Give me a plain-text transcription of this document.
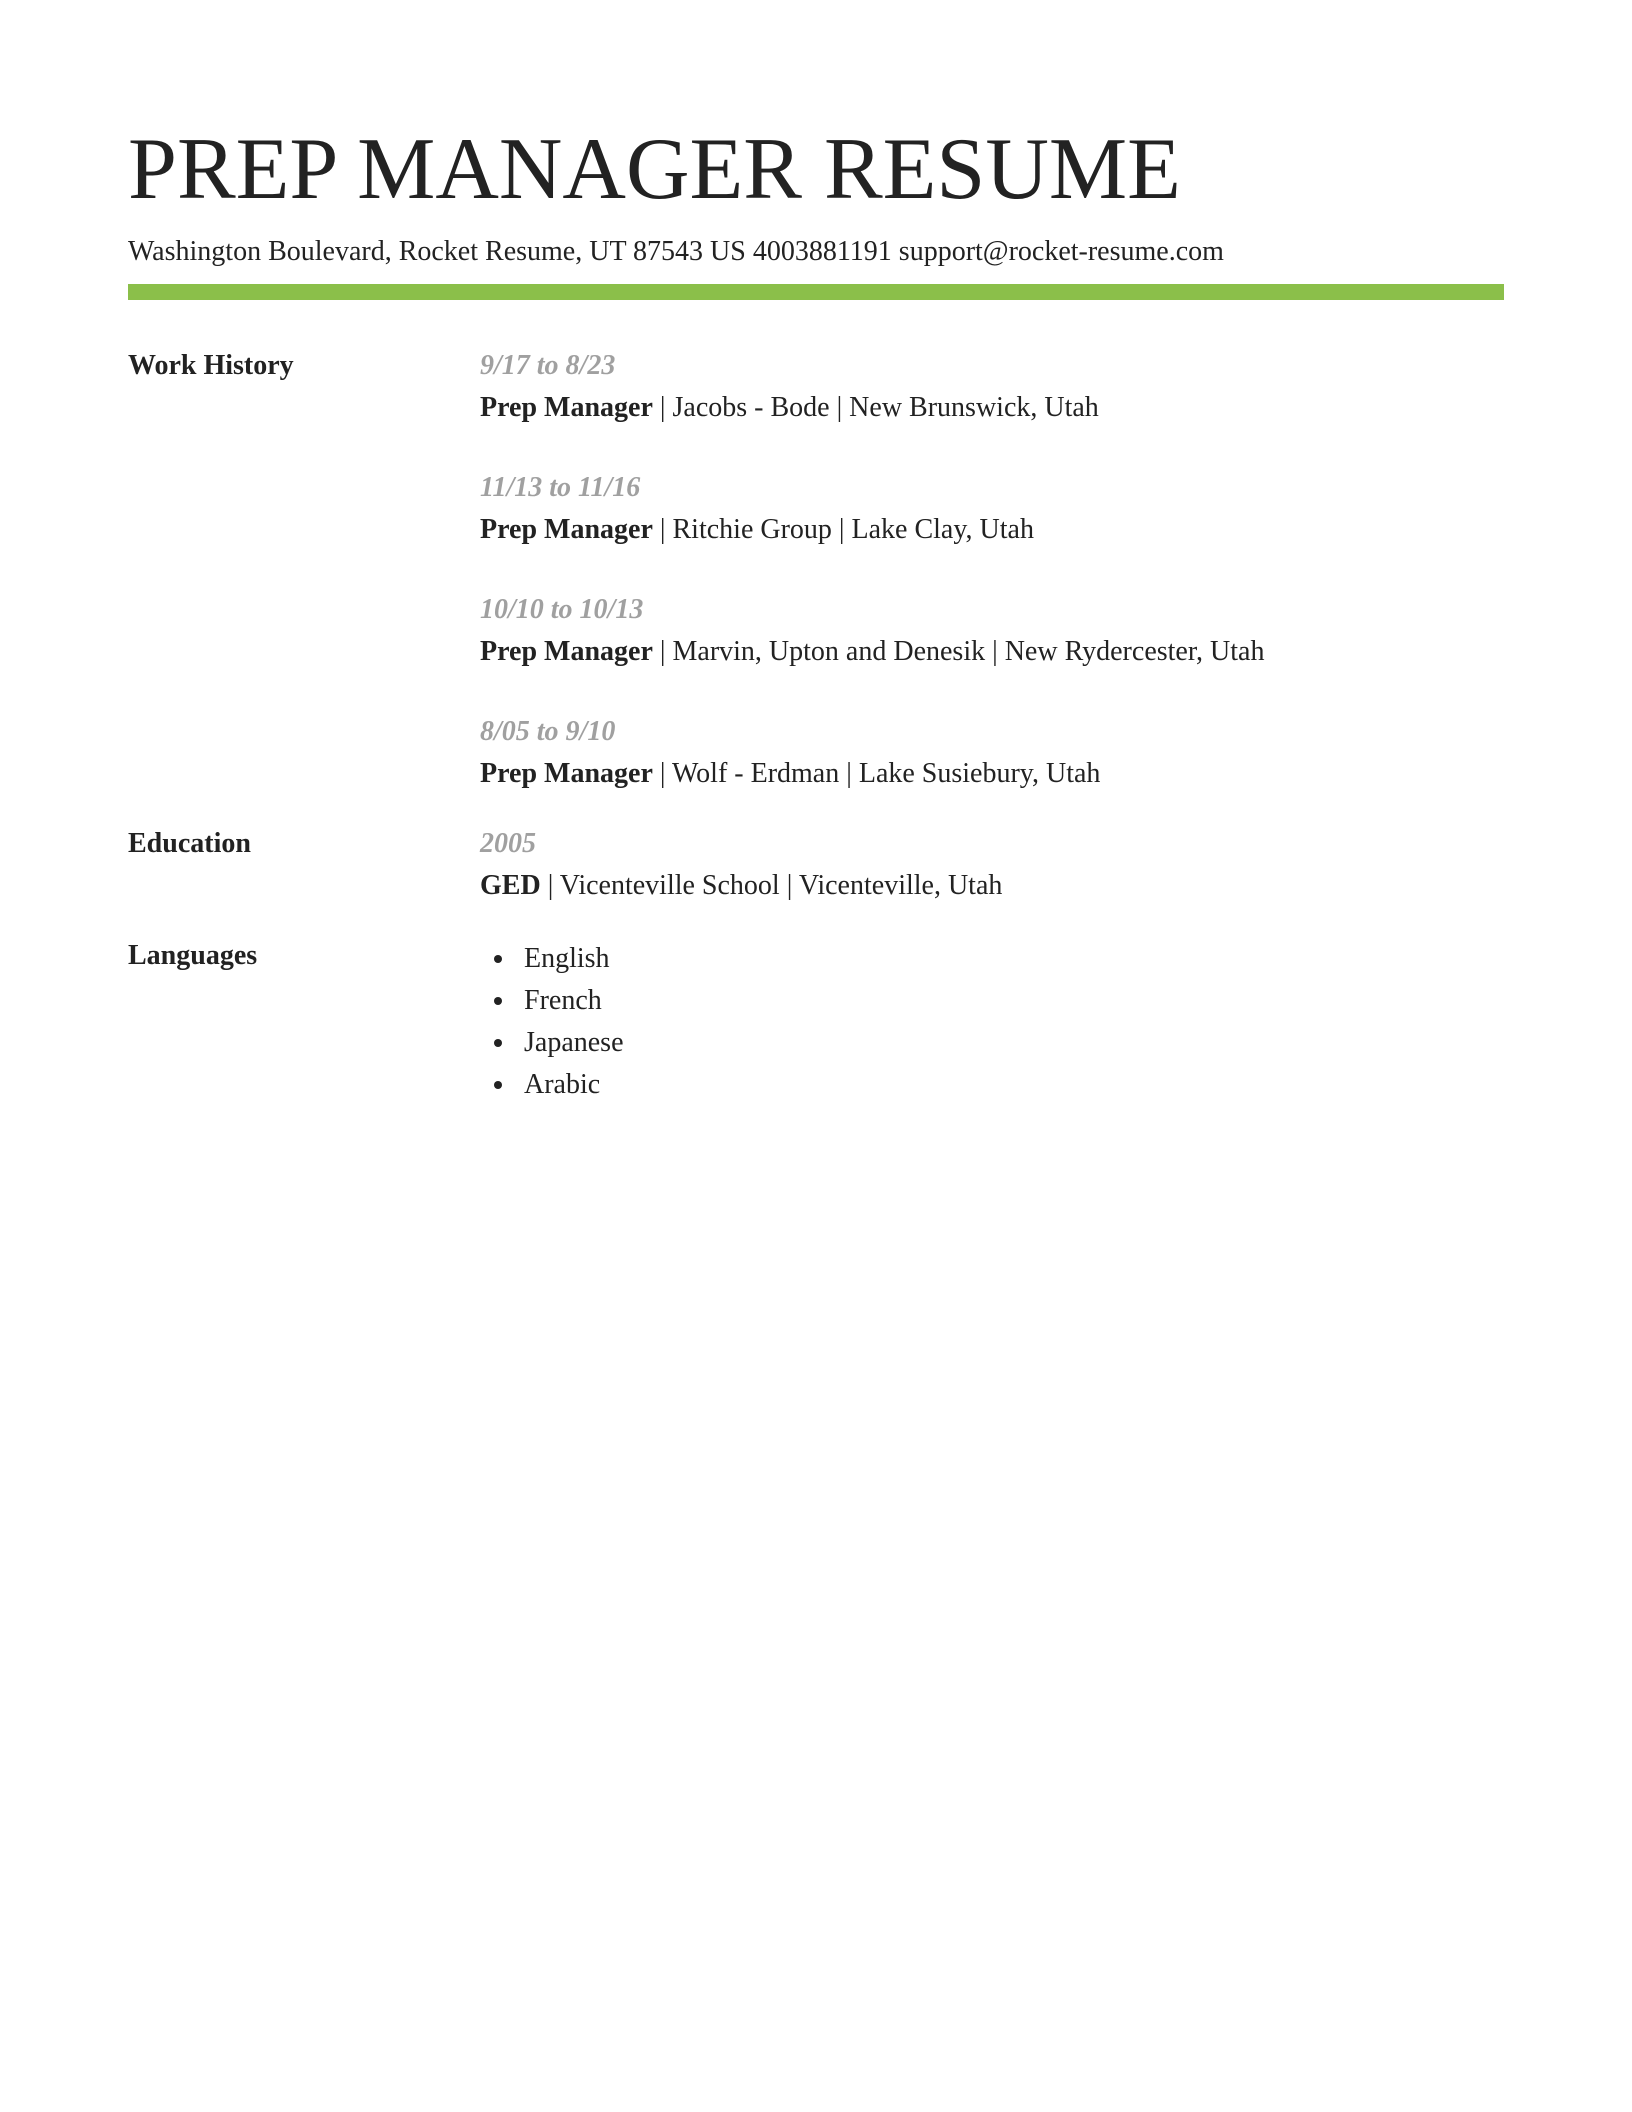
PREP MANAGER RESUME
Washington Boulevard, Rocket Resume, UT 87543 US 4003881191 support@rocket-resume.com
Work History	9/17 to 8/23
Prep Manager | Jacobs - Bode | New Brunswick, Utah
11/13 to 11/16
Prep Manager | Ritchie Group | Lake Clay, Utah
10/10 to 10/13
Prep Manager | Marvin, Upton and Denesik | New Rydercester, Utah
8/05 to 9/10
Prep Manager | Wolf - Erdman | Lake Susiebury, Utah
Education	2005
GED | Vicenteville School | Vicenteville, Utah
Languages	English
French
Japanese
Arabic
